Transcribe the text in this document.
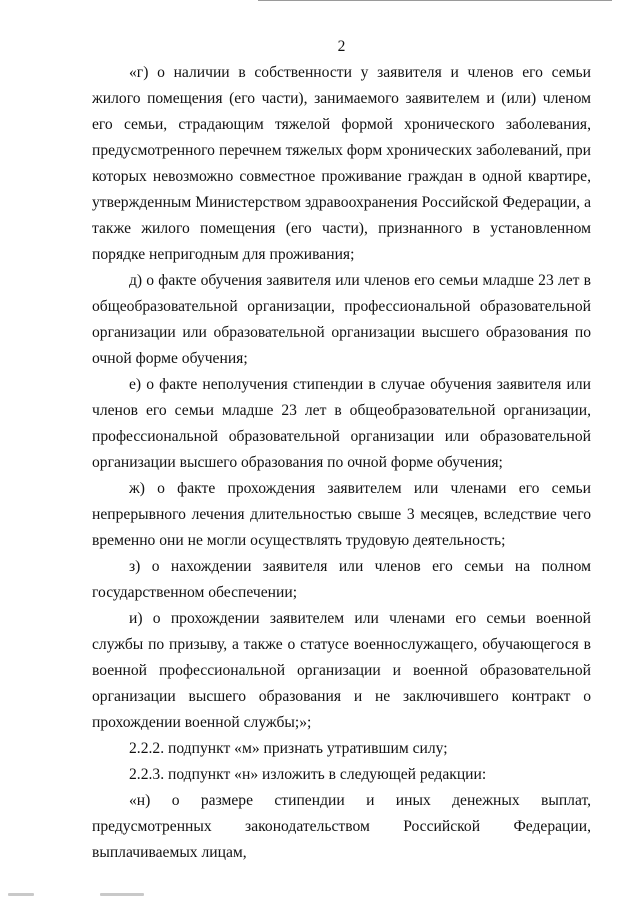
2

«г) о наличии в собственности у заявителя и членов его семьи жилого помещения (его части), занимаемого заявителем и (или) членом его семьи, страдающим тяжелой формой хронического заболевания, предусмотренного перечнем тяжелых форм хронических заболеваний, при которых невозможно совместное проживание граждан в одной квартире, утвержденным Министерством здравоохранения Российской Федерации, а также жилого помещения (его части), признанного в установленном порядке непригодным для проживания;

д) о факте обучения заявителя или членов его семьи младше 23 лет в общеобразовательной организации, профессиональной образовательной организации или образовательной организации высшего образования по очной форме обучения;

е) о факте неполучения стипендии в случае обучения заявителя или членов его семьи младше 23 лет в общеобразовательной организации, профессиональной образовательной организации или образовательной организации высшего образования по очной форме обучения;

ж) о факте прохождения заявителем или членами его семьи непрерывного лечения длительностью свыше 3 месяцев, вследствие чего временно они не могли осуществлять трудовую деятельность;

з) о нахождении заявителя или членов его семьи на полном государственном обеспечении;

и) о прохождении заявителем или членами его семьи военной службы по призыву, а также о статусе военнослужащего, обучающегося в военной профессиональной организации и военной образовательной организации высшего образования и не заключившего контракт о прохождении военной службы;»;

2.2.2. подпункт «м» признать утратившим силу;

2.2.3. подпункт «н» изложить в следующей редакции:

«н) о размере стипендии и иных денежных выплат, предусмотренных законодательством Российской Федерации, выплачиваемых лицам,
